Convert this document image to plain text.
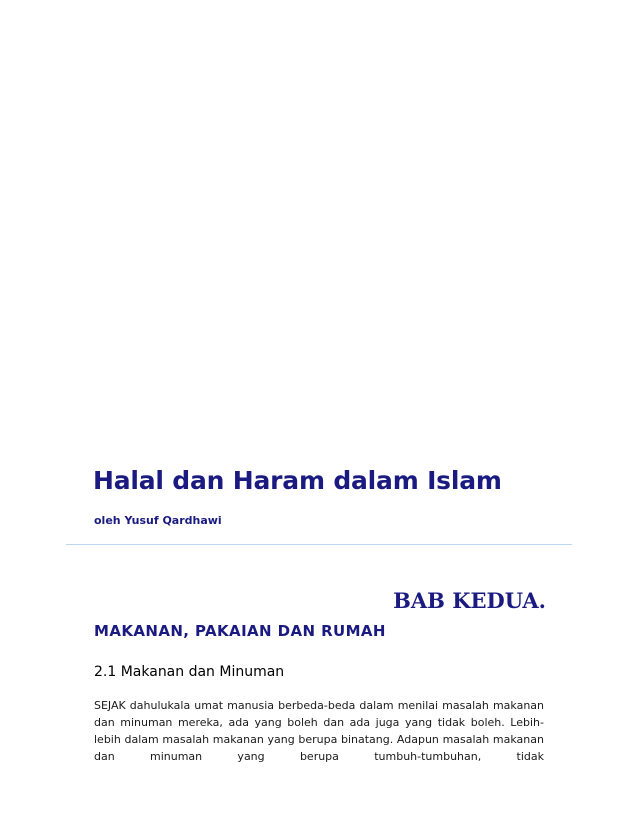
Halal dan Haram dalam Islam

oleh Yusuf Qardhawi

BAB KEDUA.
MAKANAN, PAKAIAN DAN RUMAH
2.1 Makanan dan Minuman

SEJAK dahulukala umat manusia berbeda-beda dalam menilai masalah makanan dan minuman mereka, ada yang boleh dan ada juga yang tidak boleh. Lebih-lebih dalam masalah makanan yang berupa binatang. Adapun masalah makanan dan minuman yang berupa tumbuh-tumbuhan, tidak
